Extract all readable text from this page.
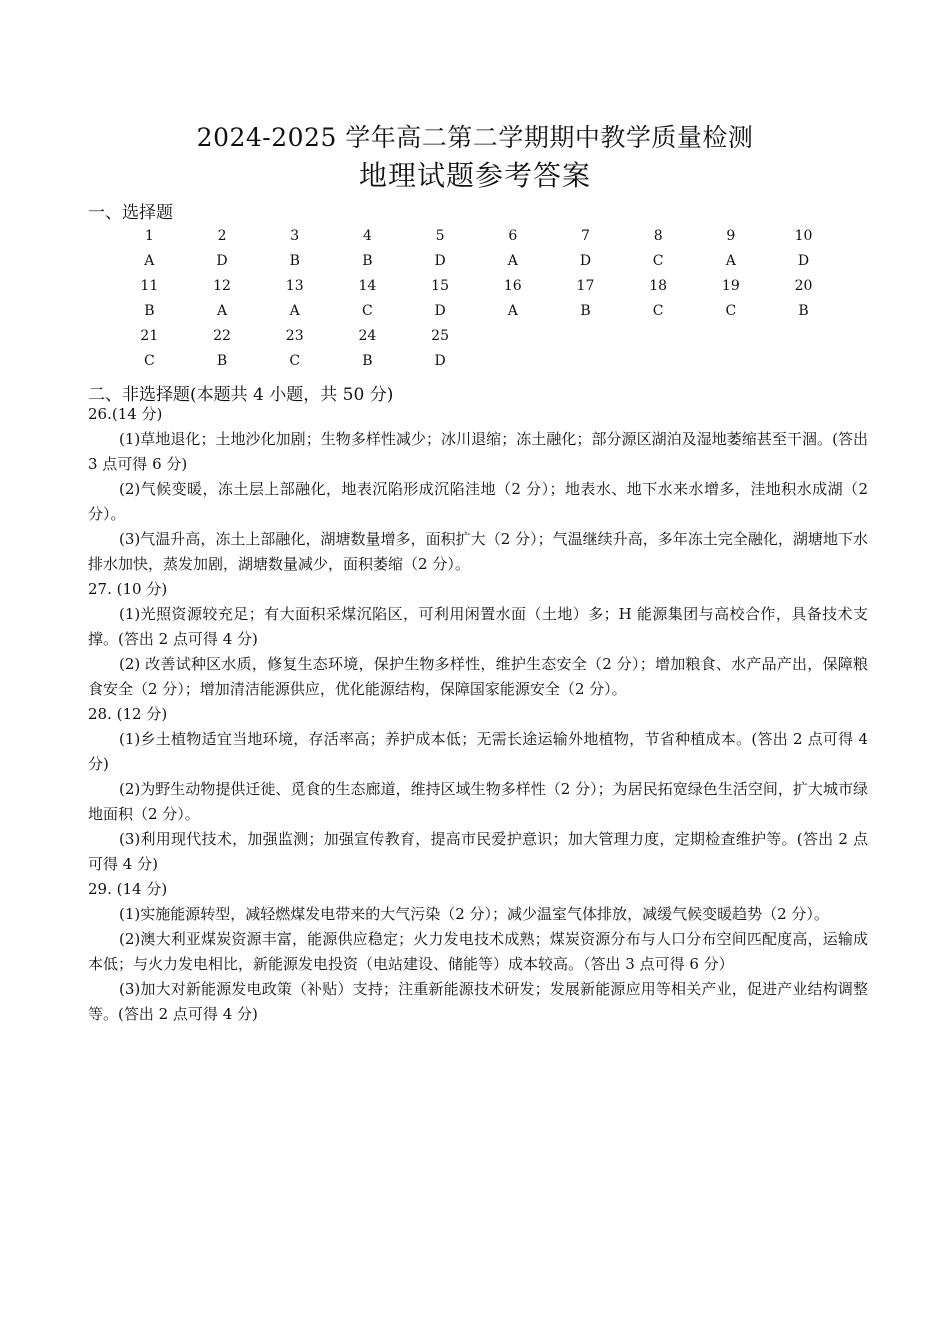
2024-2025 学年高二第二学期期中教学质量检测
地理试题参考答案
一、选择题
1	2	3	4	5	6	7	8	9	10
A	D	B	B	D	A	D	C	A	D
11	12	13	14	15	16	17	18	19	20
B	A	A	C	D	A	B	C	C	B
21	22	23	24	25
C	B	C	B	D
二、非选择题(本题共 4 小题，共 50 分)

26.(14 分)

(1)草地退化；土地沙化加剧；生物多样性减少；冰川退缩；冻土融化；部分源区湖泊及湿地萎缩甚至干涸。(答出 3 点可得 6 分)

(2)气候变暖，冻土层上部融化，地表沉陷形成沉陷洼地（2 分）；地表水、地下水来水增多，洼地积水成湖（2 分）。

(3)气温升高，冻土上部融化，湖塘数量增多，面积扩大（2 分）；气温继续升高，多年冻土完全融化，湖塘地下水排水加快，蒸发加剧，湖塘数量减少，面积萎缩（2 分）。

27. (10 分)

(1)光照资源较充足；有大面积采煤沉陷区，可利用闲置水面（土地）多；H 能源集团与高校合作，具备技术支撑。(答出 2 点可得 4 分)

(2) 改善试种区水质，修复生态环境，保护生物多样性，维护生态安全（2 分）；增加粮食、水产品产出，保障粮食安全（2 分）；增加清洁能源供应，优化能源结构，保障国家能源安全（2 分）。

28. (12 分)

(1)乡土植物适宜当地环境，存活率高；养护成本低；无需长途运输外地植物，节省种植成本。(答出 2 点可得 4 分)

(2)为野生动物提供迁徙、觅食的生态廊道，维持区域生物多样性（2 分）；为居民拓宽绿色生活空间，扩大城市绿地面积（2 分）。

(3)利用现代技术，加强监测；加强宣传教育，提高市民爱护意识；加大管理力度，定期检查维护等。(答出 2 点可得 4 分)

29. (14 分)

(1)实施能源转型，减轻燃煤发电带来的大气污染（2 分）；减少温室气体排放，减缓气候变暖趋势（2 分）。

(2)澳大利亚煤炭资源丰富，能源供应稳定；火力发电技术成熟；煤炭资源分布与人口分布空间匹配度高，运输成本低；与火力发电相比，新能源发电投资（电站建设、储能等）成本较高。（答出 3 点可得 6 分）

(3)加大对新能源发电政策（补贴）支持；注重新能源技术研发；发展新能源应用等相关产业，促进产业结构调整等。(答出 2 点可得 4 分)
